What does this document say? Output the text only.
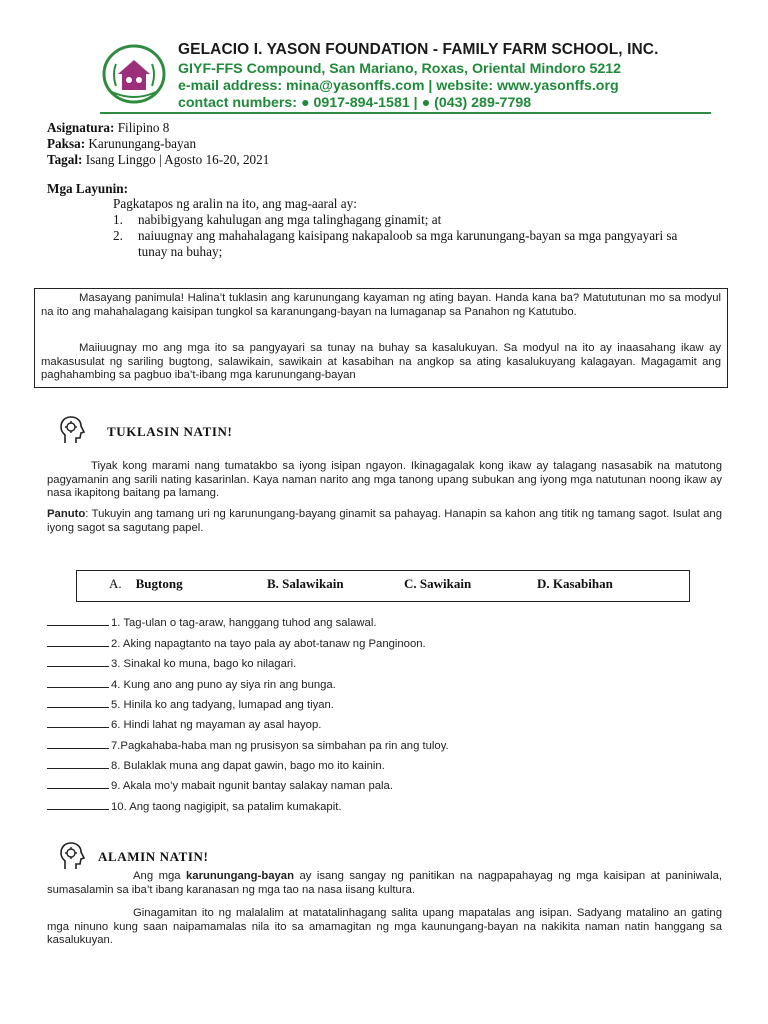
GELACIO I. YASON FOUNDATION - FAMILY FARM SCHOOL, INC.
GIYF-FFS Compound, San Mariano, Roxas, Oriental Mindoro 5212
e-mail address: mina@yasonffs.com | website: www.yasonffs.org
contact numbers: ● 0917-894-1581 | ● (043) 289-7798
Asignatura: Filipino 8
Paksa: Karunungang-bayan
Tagal: Isang Linggo | Agosto 16-20, 2021
Mga Layunin:
Pagkatapos ng aralin na ito, ang mag-aaral ay:
1. nabibigyang kahulugan ang mga talinghagang ginamit; at
2. naiuugnay ang mahahalagang kaisipang nakapaloob sa mga karunungang-bayan sa mga pangyayari sa tunay na buhay;
Masayang panimula! Halina’t tuklasin ang karunungang kayaman ng ating bayan. Handa kana ba? Matututunan mo sa modyul na ito ang mahahalagang kaisipan tungkol sa karanungang-bayan na lumaganap sa Panahon ng Katutubo.
Maiiuugnay mo ang mga ito sa pangyayari sa tunay na buhay sa kasalukuyan. Sa modyul na ito ay inaasahang ikaw ay makasusulat ng sariling bugtong, salawikain, sawikain at kasabihan na angkop sa ating kasalukuyang kalagayan. Magagamit ang paghahambing sa pagbuo iba’t-ibang mga karunungang-bayan
TUKLASIN NATIN!
Tiyak kong marami nang tumatakbo sa iyong isipan ngayon. Ikinagagalak kong ikaw ay talagang nasasabik na matutong pagyamanin ang sarili nating kasarinlan. Kaya naman narito ang mga tanong upang subukan ang iyong mga natutunan noong ikaw ay nasa ikapitong baitang pa lamang.
Panuto: Tukuyin ang tamang uri ng karunungang-bayang ginamit sa pahayag. Hanapin sa kahon ang titik ng tamang sagot. Isulat ang iyong sagot sa sagutang papel.
A. Bugtong	B. Salawikain	C. Sawikain	D. Kasabihan
1. Tag-ulan o tag-araw, hanggang tuhod ang salawal.
2. Aking napagtanto na tayo pala ay abot-tanaw ng Panginoon.
3. Sinakal ko muna, bago ko nilagari.
4. Kung ano ang puno ay siya rin ang bunga.
5. Hinila ko ang tadyang, lumapad ang tiyan.
6. Hindi lahat ng mayaman ay asal hayop.
7.Pagkahaba-haba man ng prusisyon sa simbahan pa rin ang tuloy.
8. Bulaklak muna ang dapat gawin, bago mo ito kainin.
9. Akala mo’y mabait ngunit bantay salakay naman pala.
10. Ang taong nagigipit, sa patalim kumakapit.
ALAMIN NATIN!
Ang mga karunungang-bayan ay isang sangay ng panitikan na nagpapahayag ng mga kaisipan at paniniwala, sumasalamin sa iba’t ibang karanasan ng mga tao na nasa iisang kultura.
Ginagamitan ito ng malalalim at matatalinhagang salita upang mapatalas ang isipan. Sadyang matalino an gating mga ninuno kung saan naipamamalas nila ito sa amamagitan ng mga kaunungang-bayan na nakikita naman natin hanggang sa kasalukuyan.
